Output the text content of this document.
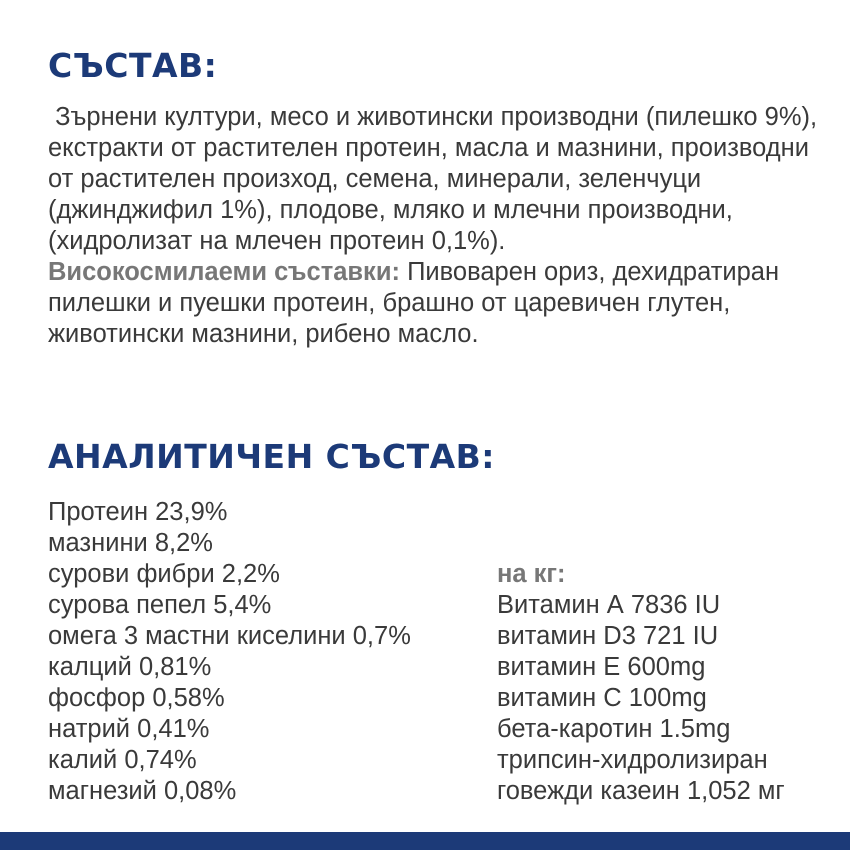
СЪСТАВ:
Зърнени култури, месо и животински производни (пилешко 9%), екстракти от растителен протеин, масла и мазнини, производни от растителен произход, семена, минерали, зеленчуци (джинджифил 1%), плодове, мляко и млечни производни, (хидролизат на млечен протеин 0,1%).
Високосмилаеми съставки: Пивоварен ориз, дехидратиран пилешки и пуешки протеин, брашно от царевичен глутен, животински мазнини, рибено масло.
АНАЛИТИЧЕН СЪСТАВ:
Протеин 23,9%
мазнини 8,2%
сурови фибри 2,2%
сурова пепел 5,4%
омега 3 мастни киселини 0,7%
калций 0,81%
фосфор 0,58%
натрий 0,41%
калий 0,74%
магнезий 0,08%
на кг:
Витамин А 7836 IU
витамин D3 721 IU
витамин Е 600mg
витамин С 100mg
бета-каротин 1.5mg
трипсин-хидролизиран
говежди казеин 1,052 мг
